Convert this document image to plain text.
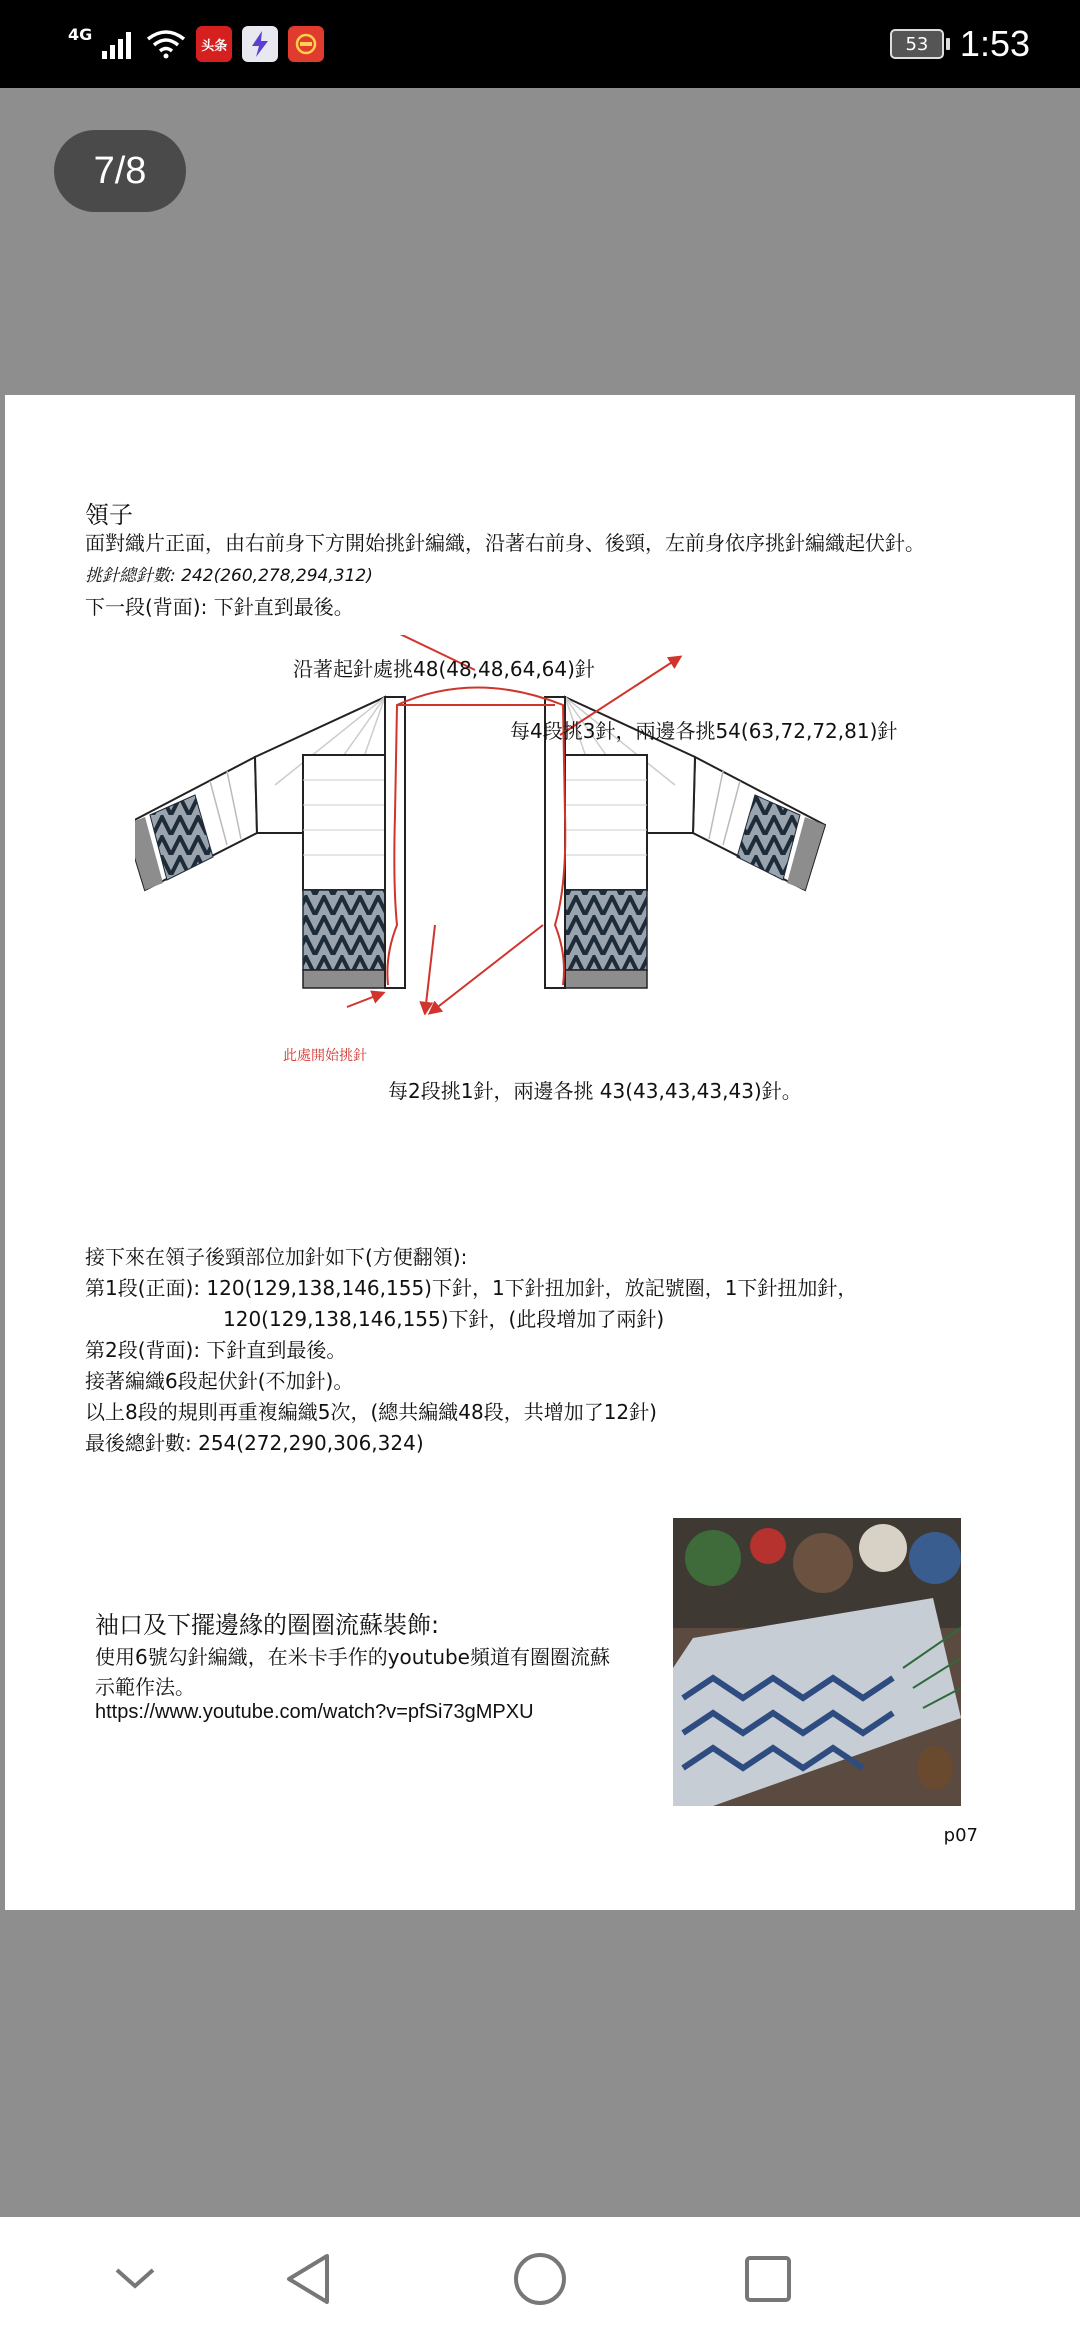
4G
头条	53 1:53
7/8
領子
面對織片正面，由右前身下方開始挑針編織，沿著右前身、後頸，左前身依序挑針編織起伏針。
挑針總針數: 242(260,278,294,312)
下一段(背面): 下針直到最後。
沿著起針處挑48(48,48,64,64)針
每4段挑3針，兩邊各挑54(63,72,72,81)針
此處開始挑針
每2段挑1針，兩邊各挑 43(43,43,43,43)針。
接下來在領子後頸部位加針如下(方便翻領):
第1段(正面): 120(129,138,146,155)下針，1下針扭加針，放記號圈，1下針扭加針，
120(129,138,146,155)下針，(此段增加了兩針)
第2段(背面): 下針直到最後。
接著編織6段起伏針(不加針)。
以上8段的規則再重複編織5次，(總共編織48段，共增加了12針)
最後總針數: 254(272,290,306,324)
袖口及下擺邊緣的圈圈流蘇裝飾:
使用6號勾針編織，在米卡手作的youtube頻道有圈圈流蘇
示範作法。
https://www.youtube.com/watch?v=pfSi73gMPXU
p07
